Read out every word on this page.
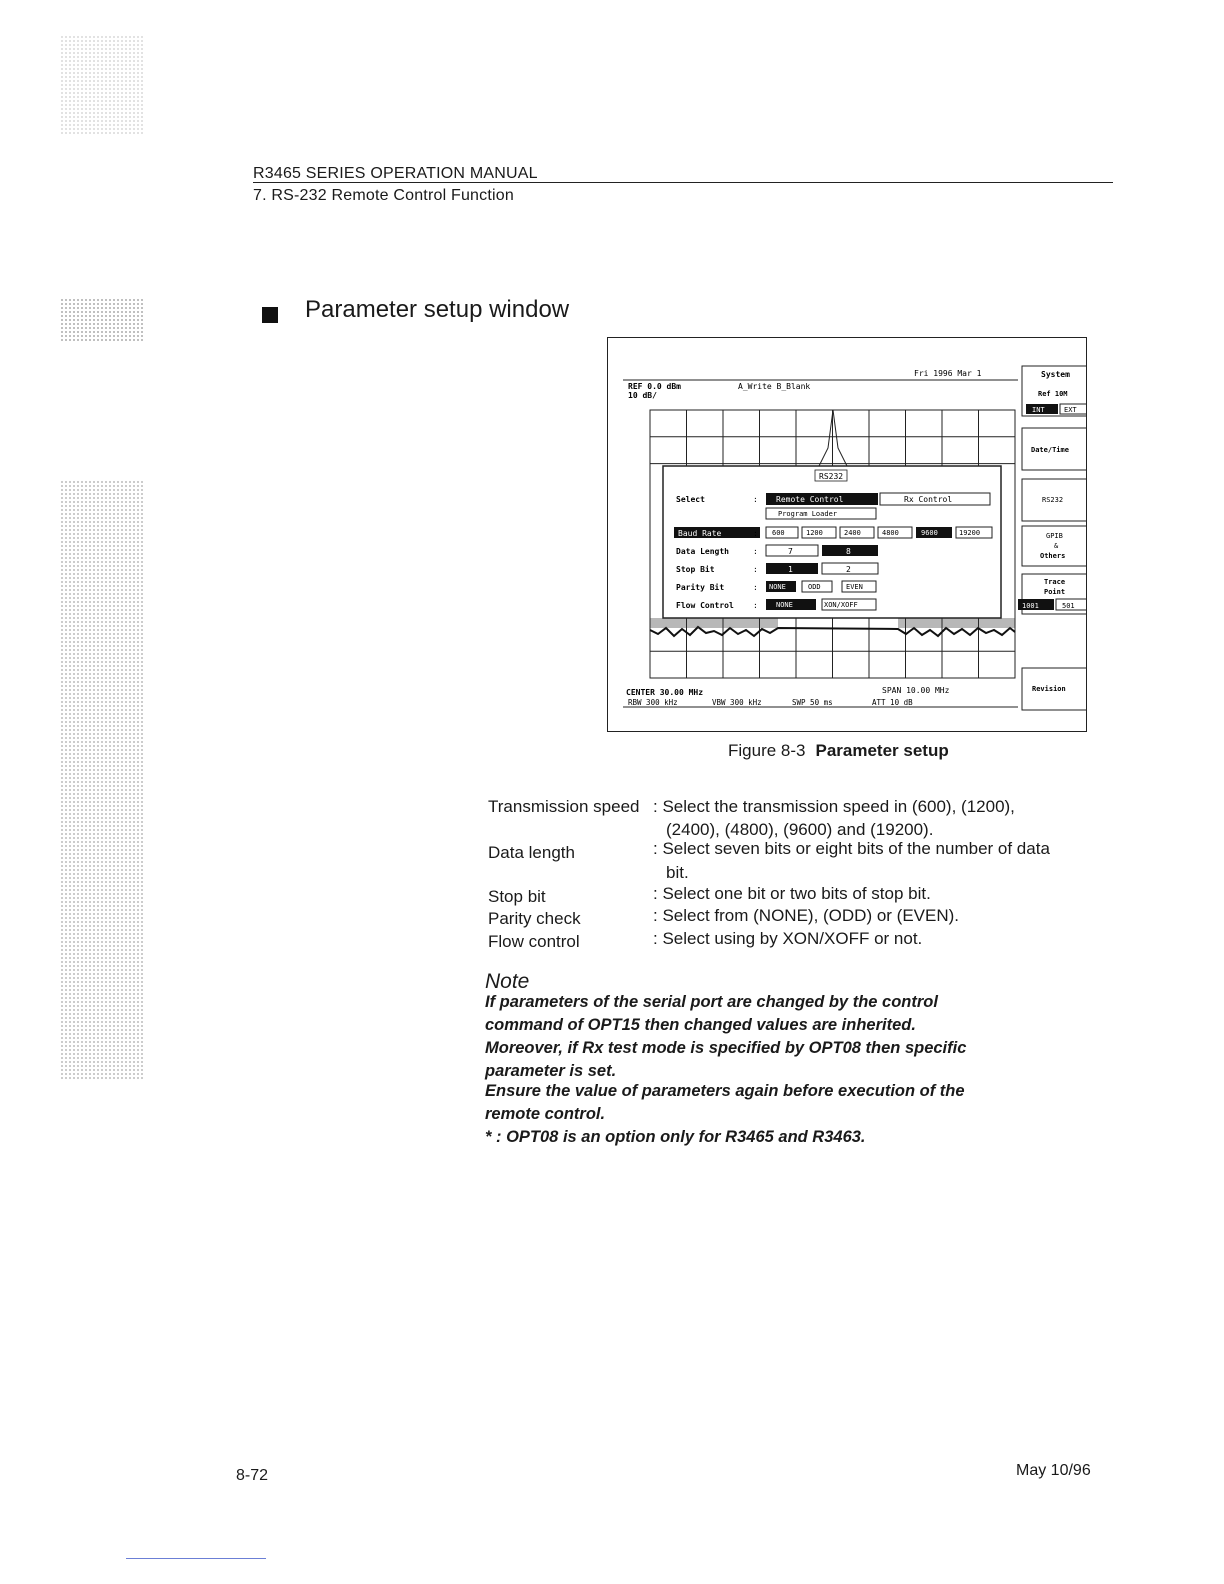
R3465 SERIES OPERATION MANUAL
7. RS-232 Remote Control Function
Parameter setup window
Fri 1996 Mar 1
REF 0.0 dBm
10 dB/
A_Write B_Blank
RS232
Select	: Remote Control	Rx Control
Program Loader
Baud Rate	: 600	1200	2400	4800	9600	19200
Data Length	:	7	8
Stop Bit	:	1	2
Parity Bit	: NONE	ODD	EVEN
Flow Control :	NONE	XON/XOFF
CENTER 30.00 MHz	SPAN 10.00 MHz
RBW 300 kHz	VBW 300 kHz	SWP 50 ms	ATT 10 dB
System
Ref 10M
INT	EXT
Date/Time
RS232
GPIB
&
Others
Trace
Point
1001	501
Revision
Figure 8-3 Parameter setup
Transmission speed : Select the transmission speed in (600), (1200),
(2400), (4800), (9600) and (19200).
Data length	: Select seven bits or eight bits of the number of data
bit.
Stop bit	: Select one bit or two bits of stop bit.
Parity check	: Select from (NONE), (ODD) or (EVEN).
Flow control	: Select using by XON/XOFF or not.
Note
If parameters of the serial port are changed by the control
command of OPT15 then changed values are inherited.
Moreover, if Rx test mode is specified by OPT08 then specific
parameter is set.
Ensure the value of parameters again before execution of the
remote control.
* : OPT08 is an option only for R3465 and R3463.
8-72	May 10/96
